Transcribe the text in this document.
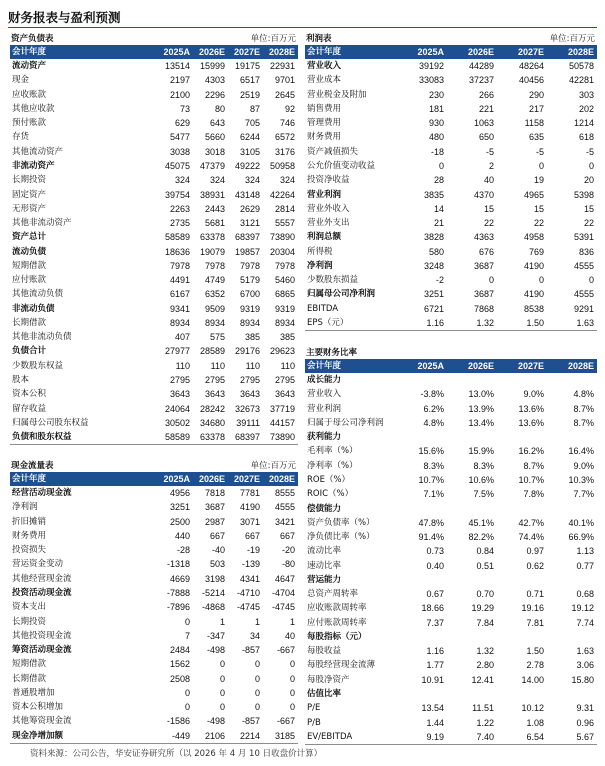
财务报表与盈利预测
资产负债表	单位:百万元
会计年度	2025A 2026E 2027E 2028E
流动资产	13514	15999	19175	22931
现金	2197	4303	6517	9701
应收账款	2100	2296	2519	2645
其他应收款	73	80	87	92
预付账款	629	643	705	746
存货	5477	5660	6244	6572
其他流动资产	3038	3018	3105	3176
非流动资产	45075	47379	49222	50958
长期投资	324	324	324	324
固定资产	39754	38931	43148	42264
无形资产	2263	2443	2629	2814
其他非流动资产	2735	5681	3121	5557
资产总计	58589	63378	68397	73890
流动负债	18636	19079	19857	20304
短期借款	7978	7978	7978	7978
应付账款	4491	4749	5179	5460
其他流动负债	6167	6352	6700	6865
非流动负债	9341	9509	9319	9319
长期借款	8934	8934	8934	8934
其他非流动负债	407	575	385	385
负债合计	27977	28589	29176	29623
少数股东权益	110	110	110	110
股本	2795	2795	2795	2795
资本公积	3643	3643	3643	3643
留存收益	24064	28242	32673	37719
归属母公司股东权益	30502	34680	39111	44157
负债和股东权益	58589	63378	68397	73890
利润表	单位:百万元
会计年度	2025A	2026E	2027E	2028E
营业收入	39192	44289	48264	50578
营业成本	33083	37237	40456	42281
营业税金及附加	230	266	290	303
销售费用	181	221	217	202
管理费用	930	1063	1158	1214
财务费用	480	650	635	618
资产减值损失	-18	-5	-5	-5
公允价值变动收益	0	2	0	0
投资净收益	28	40	19	20
营业利润	3835	4370	4965	5398
营业外收入	14	15	15	15
营业外支出	21	22	22	22
利润总额	3828	4363	4958	5391
所得税	580	676	769	836
净利润	3248	3687	4190	4555
少数股东损益	-2	0	0	0
归属母公司净利润	3251	3687	4190	4555
EBITDA	6721	7868	8538	9291
EPS（元）	1.16	1.32	1.50	1.63
主要财务比率
会计年度	2025A	2026E	2027E	2028E
成长能力
营业收入	-3.8%	13.0%	9.0%	4.8%
营业利润	6.2%	13.9%	13.6%	8.7%
归属于母公司净利润	4.8%	13.4%	13.6%	8.7%
获利能力
毛利率（%）	15.6%	15.9%	16.2%	16.4%
净利率（%）	8.3%	8.3%	8.7%	9.0%
ROE（%）	10.7%	10.6%	10.7%	10.3%
ROIC（%）	7.1%	7.5%	7.8%	7.7%
偿债能力
资产负债率（%）	47.8%	45.1%	42.7%	40.1%
净负债比率（%）	91.4%	82.2%	74.4%	66.9%
流动比率	0.73	0.84	0.97	1.13
速动比率	0.40	0.51	0.62	0.77
营运能力
总资产周转率	0.67	0.70	0.71	0.68
应收账款周转率	18.66	19.29	19.16	19.12
应付账款周转率	7.37	7.84	7.81	7.74
每股指标（元）
每股收益	1.16	1.32	1.50	1.63
每股经营现金流薄	1.77	2.80	2.78	3.06
每股净资产	10.91	12.41	14.00	15.80
估值比率
P/E	13.54	11.51	10.12	9.31
P/B	1.44	1.22	1.08	0.96
EV/EBITDA	9.19	7.40	6.54	5.67
现金流量表	单位:百万元
会计年度	2025A 2026E 2027E 2028E
经营活动现金流	4956	7818	7781	8555
净利润	3251	3687	4190	4555
折旧摊销	2500	2987	3071	3421
财务费用	440	667	667	667
投资损失	-28	-40	-19	-20
营运资金变动	-1318	503	-139	-80
其他经营现金流	4669	3198	4341	4647
投资活动现金流	-7888	-5214	-4710	-4704
资本支出	-7896	-4868	-4745	-4745
长期投资	0	1	1	1
其他投资现金流	7	-347	34	40
筹资活动现金流	2484	-498	-857	-667
短期借款	1562	0	0	0
长期借款	2508	0	0	0
普通股增加	0	0	0	0
资本公积增加	0	0	0	0
其他筹资现金流	-1586	-498	-857	-667
现金净增加额	-449	2106	2214	3185
资料来源：公司公告，华安证券研究所（以 2026 年 4 月 10 日收盘价计算）
